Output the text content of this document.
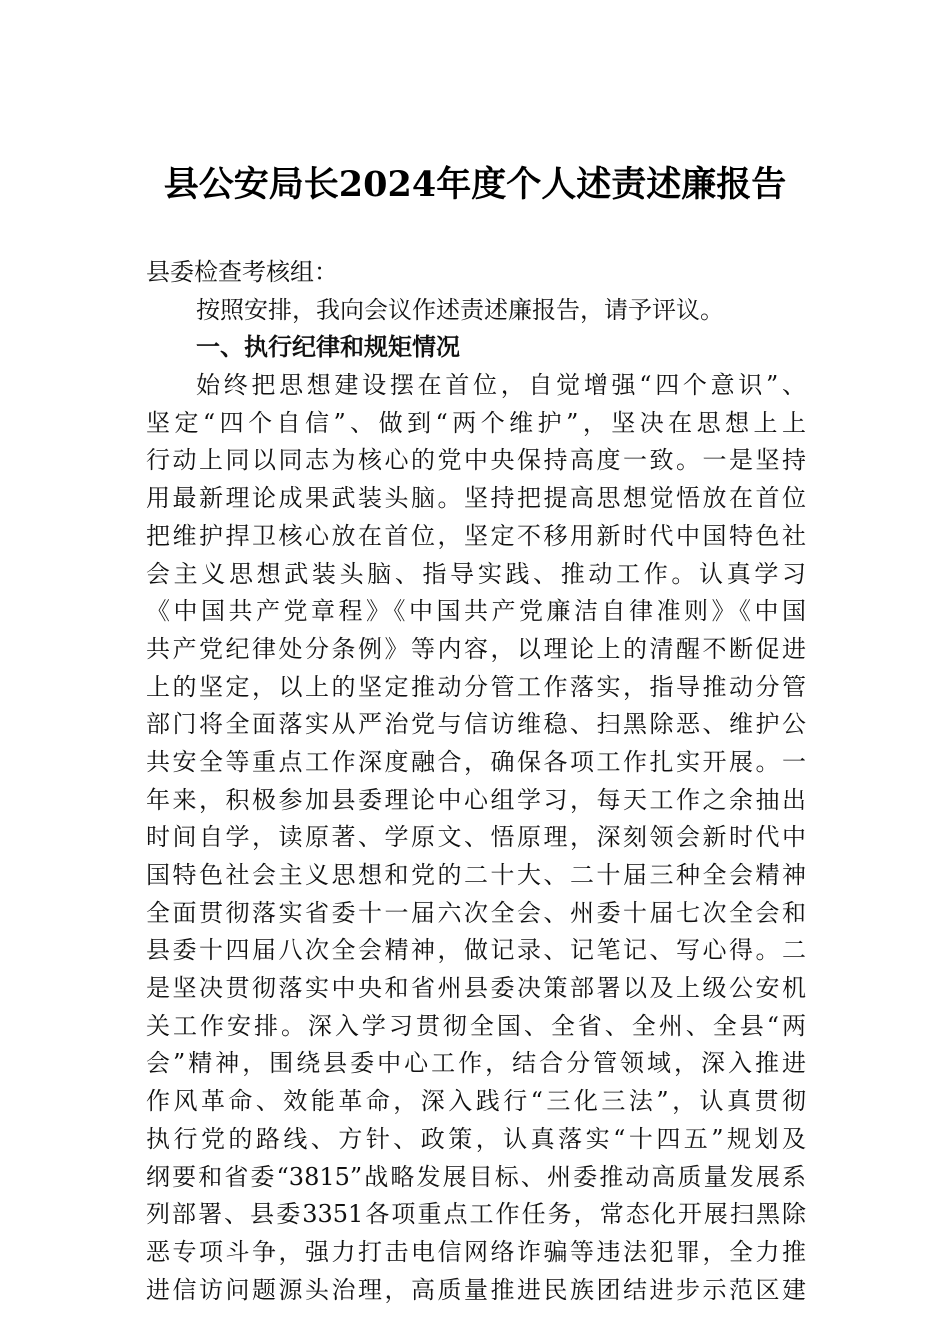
县公安局长2024年度个人述责述廉报告
县委检查考核组：
按照安排，我向会议作述责述廉报告，请予评议。
一、执行纪律和规矩情况
始终把思想建设摆在首位，自觉增强“四个意识”、
坚定“四个自信”、做到“两个维护”，坚决在思想上上
行动上同以同志为核心的党中央保持高度一致。一是坚持
用最新理论成果武装头脑。坚持把提高思想觉悟放在首位
把维护捍卫核心放在首位，坚定不移用新时代中国特色社
会主义思想武装头脑、指导实践、推动工作。认真学习
《中国共产党章程》《中国共产党廉洁自律准则》《中国
共产党纪律处分条例》等内容，以理论上的清醒不断促进
上的坚定，以上的坚定推动分管工作落实，指导推动分管
部门将全面落实从严治党与信访维稳、扫黑除恶、维护公
共安全等重点工作深度融合，确保各项工作扎实开展。一
年来，积极参加县委理论中心组学习，每天工作之余抽出
时间自学，读原著、学原文、悟原理，深刻领会新时代中
国特色社会主义思想和党的二十大、二十届三种全会精神
全面贯彻落实省委十一届六次全会、州委十届七次全会和
县委十四届八次全会精神，做记录、记笔记、写心得。二
是坚决贯彻落实中央和省州县委决策部署以及上级公安机
关工作安排。深入学习贯彻全国、全省、全州、全县“两
会”精神，围绕县委中心工作，结合分管领域，深入推进
作风革命、效能革命，深入践行“三化三法”，认真贯彻
执行党的路线、方针、政策，认真落实“十四五”规划及
纲要和省委“3815”战略发展目标、州委推动高质量发展系
列部署、县委3351各项重点工作任务，常态化开展扫黑除
恶专项斗争，强力打击电信网络诈骗等违法犯罪，全力推
进信访问题源头治理，高质量推进民族团结进步示范区建
